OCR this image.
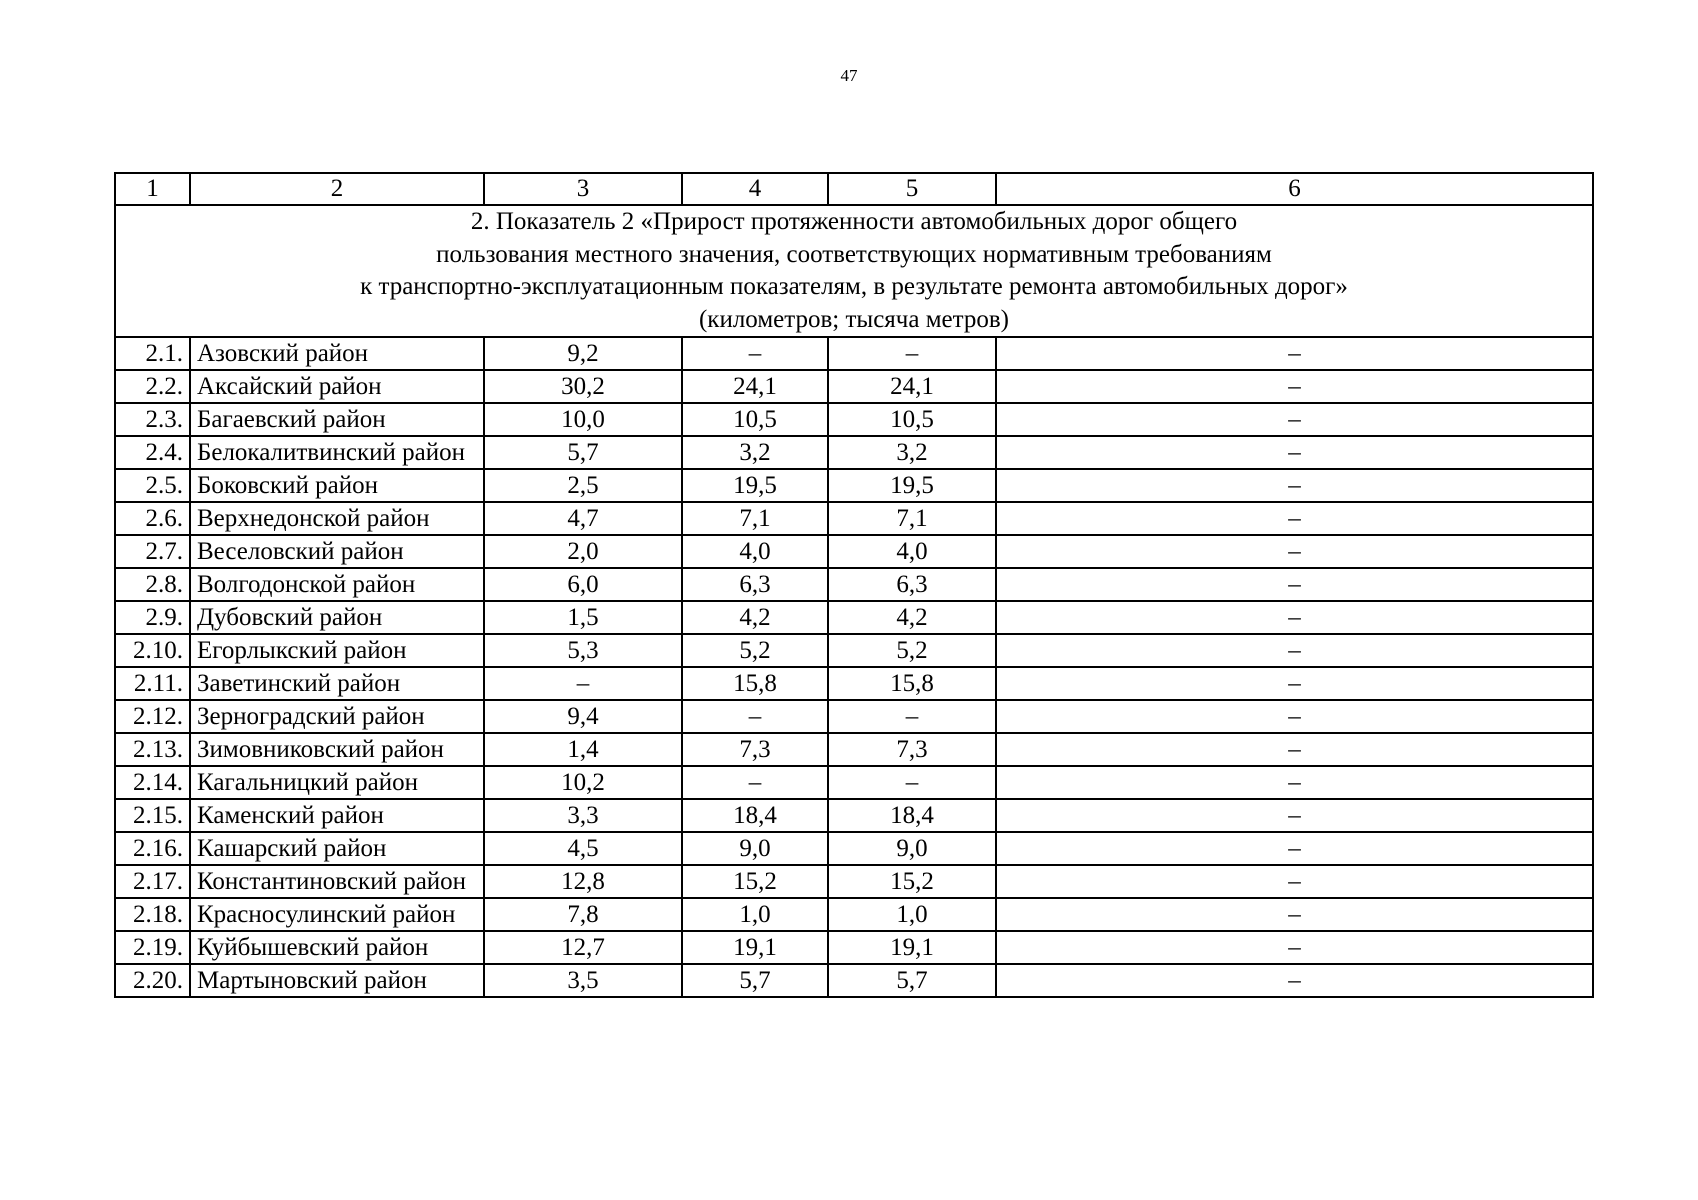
47
1	2	3	4	5	6

2. Показатель 2 «Прирост протяженности автомобильных дорог общего
пользования местного значения, соответствующих нормативным требованиям
к транспортно-эксплуатационным показателям, в результате ремонта автомобильных дорог»
(километров; тысяча метров)					

2.1.	Азовский район	9,2	–	–	–
2.2.	Аксайский район	30,2	24,1	24,1	–
2.3.	Багаевский район	10,0	10,5	10,5	–
2.4.	Белокалитвинский район	5,7	3,2	3,2	–
2.5.	Боковский район	2,5	19,5	19,5	–
2.6.	Верхнедонской район	4,7	7,1	7,1	–
2.7.	Веселовский район	2,0	4,0	4,0	–
2.8.	Волгодонской район	6,0	6,3	6,3	–
2.9.	Дубовский район	1,5	4,2	4,2	–
2.10.	Егорлыкский район	5,3	5,2	5,2	–
2.11.	Заветинский район	–	15,8	15,8	–
2.12.	Зерноградский район	9,4	–	–	–
2.13.	Зимовниковский район	1,4	7,3	7,3	–
2.14.	Кагальницкий район	10,2	–	–	–
2.15.	Каменский район	3,3	18,4	18,4	–
2.16.	Кашарский район	4,5	9,0	9,0	–
2.17.	Константиновский район	12,8	15,2	15,2	–
2.18.	Красносулинский район	7,8	1,0	1,0	–
2.19.	Куйбышевский район	12,7	19,1	19,1	–
2.20.	Мартыновский район	3,5	5,7	5,7	–
